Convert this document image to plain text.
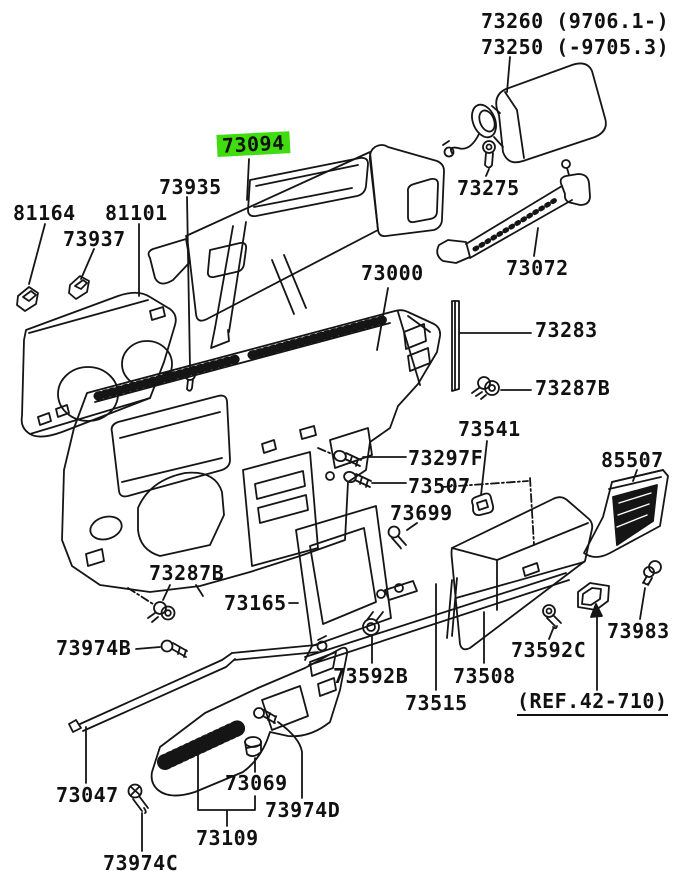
73260 (9706.1-)
73250 (-9705.3)
73094
73935
81164 81101
73937
73275
73000	73072
73283
73287B
73541
73297F
73507
73699
85507
73287B
73165
73974B	73592C
73983
73592B 73508
(REF.42-710)
73515
73047	73069
73974D
73109
73974C
